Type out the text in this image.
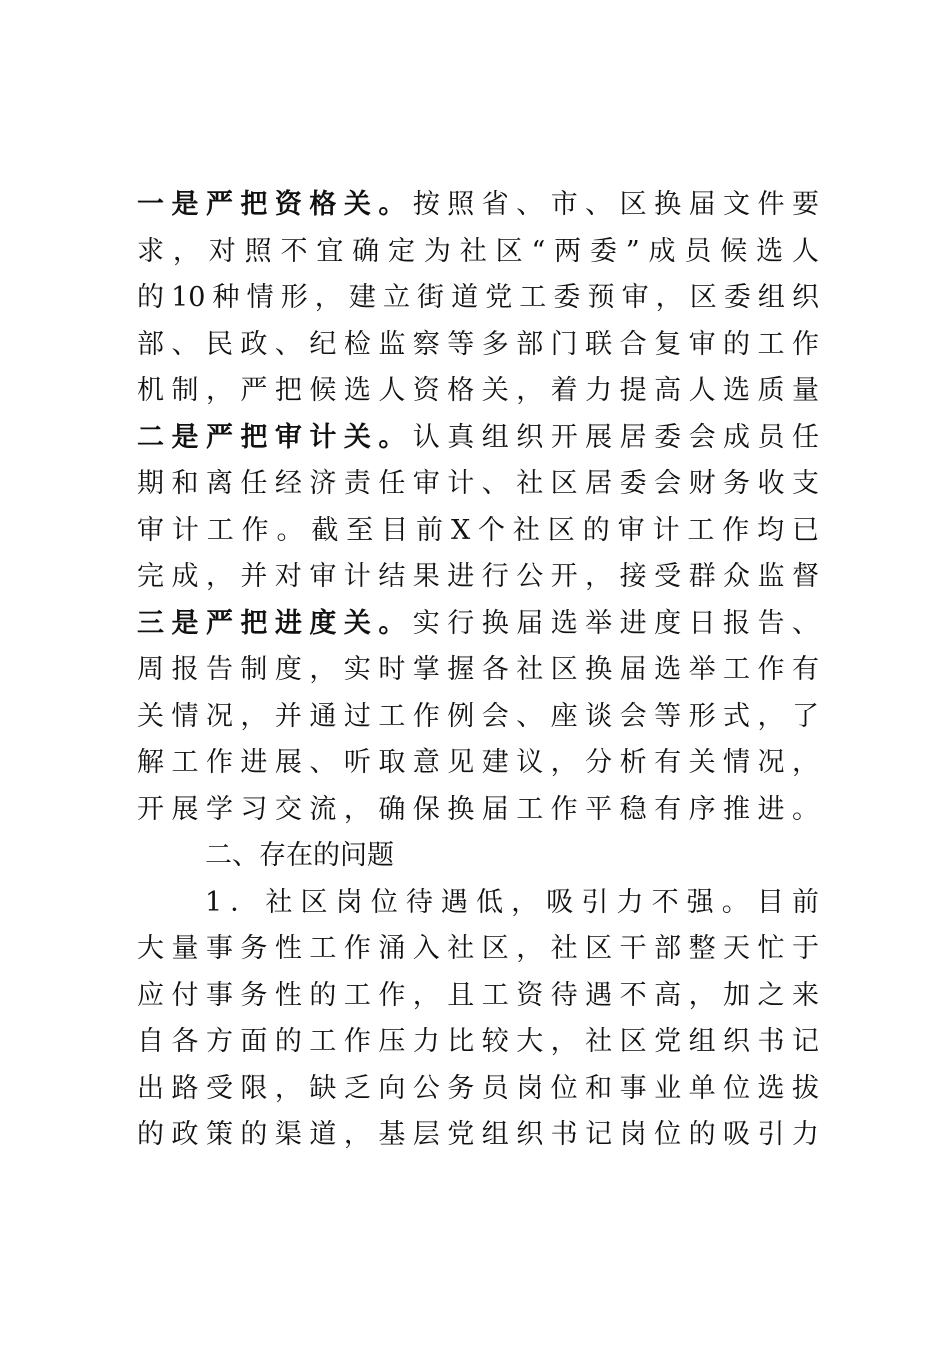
一是严把资格关。按照省、市、区换届文件要
求，对照不宜确定为社区“两委”成员候选人
的10种情形，建立街道党工委预审，区委组织
部、民政、纪检监察等多部门联合复审的工作
机制，严把候选人资格关，着力提高人选质量
二是严把审计关。认真组织开展居委会成员任
期和离任经济责任审计、社区居委会财务收支
审计工作。截至目前X个社区的审计工作均已
完成，并对审计结果进行公开，接受群众监督
三是严把进度关。实行换届选举进度日报告、
周报告制度，实时掌握各社区换届选举工作有
关情况，并通过工作例会、座谈会等形式，了
解工作进展、听取意见建议，分析有关情况，
开展学习交流，确保换届工作平稳有序推进。
二、存在的问题
1．社区岗位待遇低，吸引力不强。目前
大量事务性工作涌入社区，社区干部整天忙于
应付事务性的工作，且工资待遇不高，加之来
自各方面的工作压力比较大，社区党组织书记
出路受限，缺乏向公务员岗位和事业单位选拔
的政策的渠道，基层党组织书记岗位的吸引力
